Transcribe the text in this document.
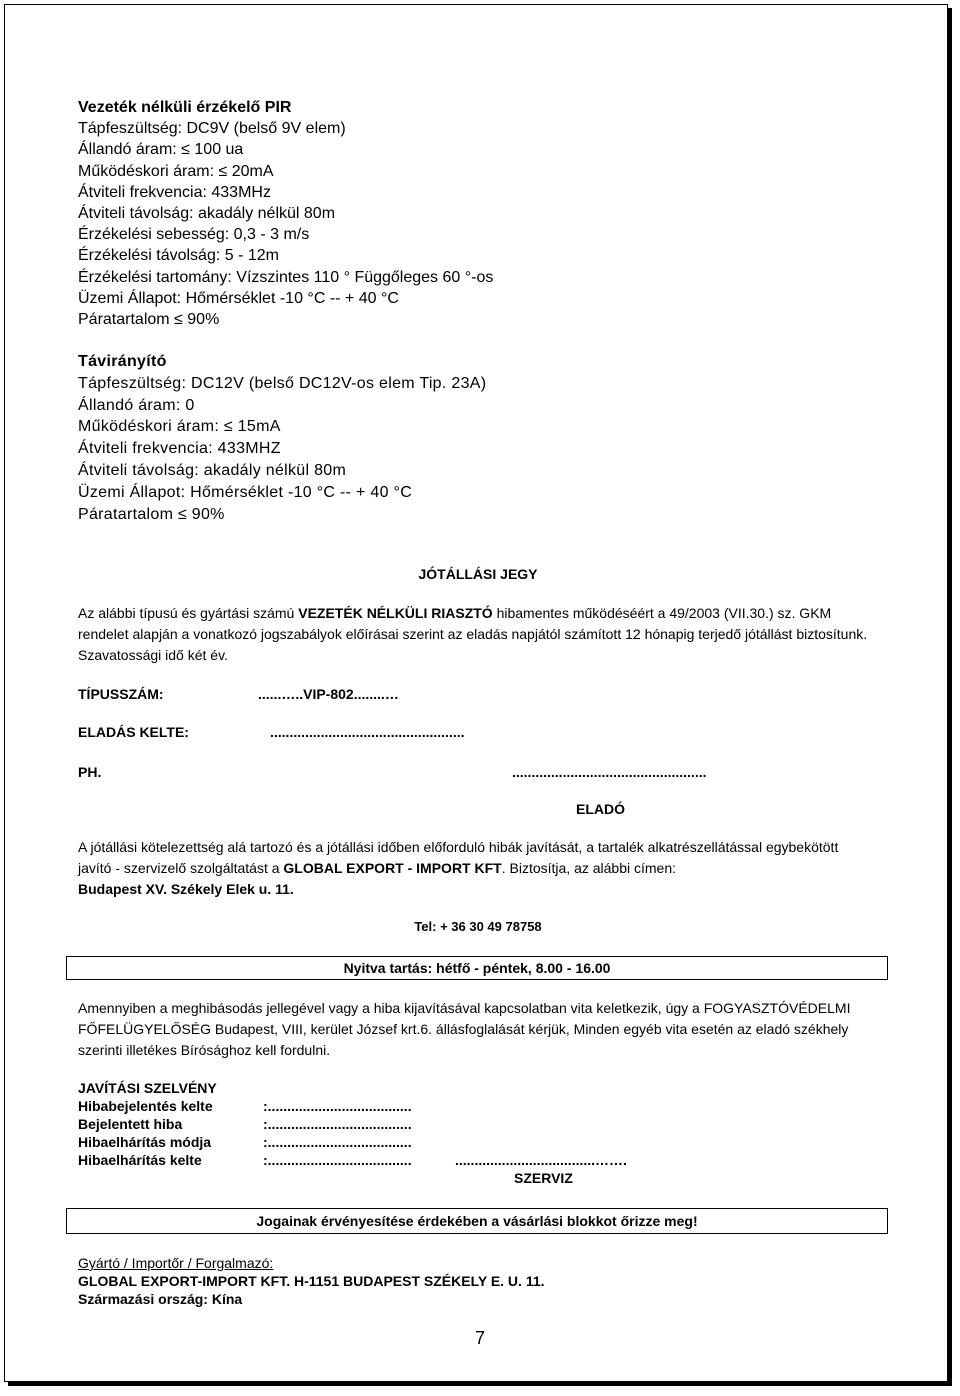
Vezeték nélküli érzékelő PIR
Tápfeszültség: DC9V (belső 9V elem)
Állandó áram: ≤ 100 ua
Működéskori áram: ≤ 20mA
Átviteli frekvencia: 433MHz
Átviteli távolság: akadály nélkül 80m
Érzékelési sebesség: 0,3 - 3 m/s
Érzékelési távolság: 5 - 12m
Érzékelési tartomány: Vízszintes 110 ° Függőleges 60 °-os
Üzemi Állapot: Hőmérséklet -10 °C -- + 40 °C
Páratartalom ≤ 90%
Távirányító
Tápfeszültség: DC12V (belső DC12V-os elem Tip. 23A)
Állandó áram: 0
Működéskori áram: ≤ 15mA
Átviteli frekvencia: 433MHZ
Átviteli távolság: akadály nélkül 80m
Üzemi Állapot: Hőmérséklet -10 °C -- + 40 °C
Páratartalom ≤ 90%
JÓTÁLLÁSI JEGY
Az alábbi típusú és gyártási számú VEZETÉK NÉLKÜLI RIASZTÓ hibamentes működéséért a 49/2003 (VII.30.) sz. GKM rendelet alapján a vonatkozó jogszabályok előírásai szerint az eladás napjától számított 12 hónapig terjedő jótállást biztosítunk. Szavatossági idő két év.
TÍPUSSZÁM:	......…..VIP-802........…
ELADÁS KELTE:	..................................................
PH.	..................................................
ELADÓ
A jótállási kötelezettség alá tartozó és a jótállási időben előforduló hibák javítását, a tartalék alkatrészellátással egybekötött javító - szervizelő szolgáltatást a GLOBAL EXPORT - IMPORT KFT. Biztosítja, az alábbi címen:
Budapest XV. Székely Elek u. 11.
Tel: + 36 30 49 78758
Nyitva tartás: hétfő - péntek, 8.00 - 16.00
Amennyiben a meghibásodás jellegével vagy a hiba kijavításával kapcsolatban vita keletkezik, úgy a FOGYASZTÓVÉDELMI FŐFELÜGYELŐSÉG Budapest, VIII, kerület József krt.6. állásfoglalását kérjük, Minden egyéb vita esetén az eladó székhely szerinti illetékes Bírósághoz kell fordulni.
JAVÍTÁSI SZELVÉNY
Hibabejelentés kelte	:.....................................
Bejelentett hiba	:.....................................
Hibaelhárítás módja	:.....................................
Hibaelhárítás kelte	:.....................................	....................................…….
SZERVIZ
Jogainak érvényesítése érdekében a vásárlási blokkot őrizze meg!
Gyártó / Importőr / Forgalmazó:
GLOBAL EXPORT-IMPORT KFT. H-1151 BUDAPEST SZÉKELY E. U. 11.
Származási ország: Kína
7
